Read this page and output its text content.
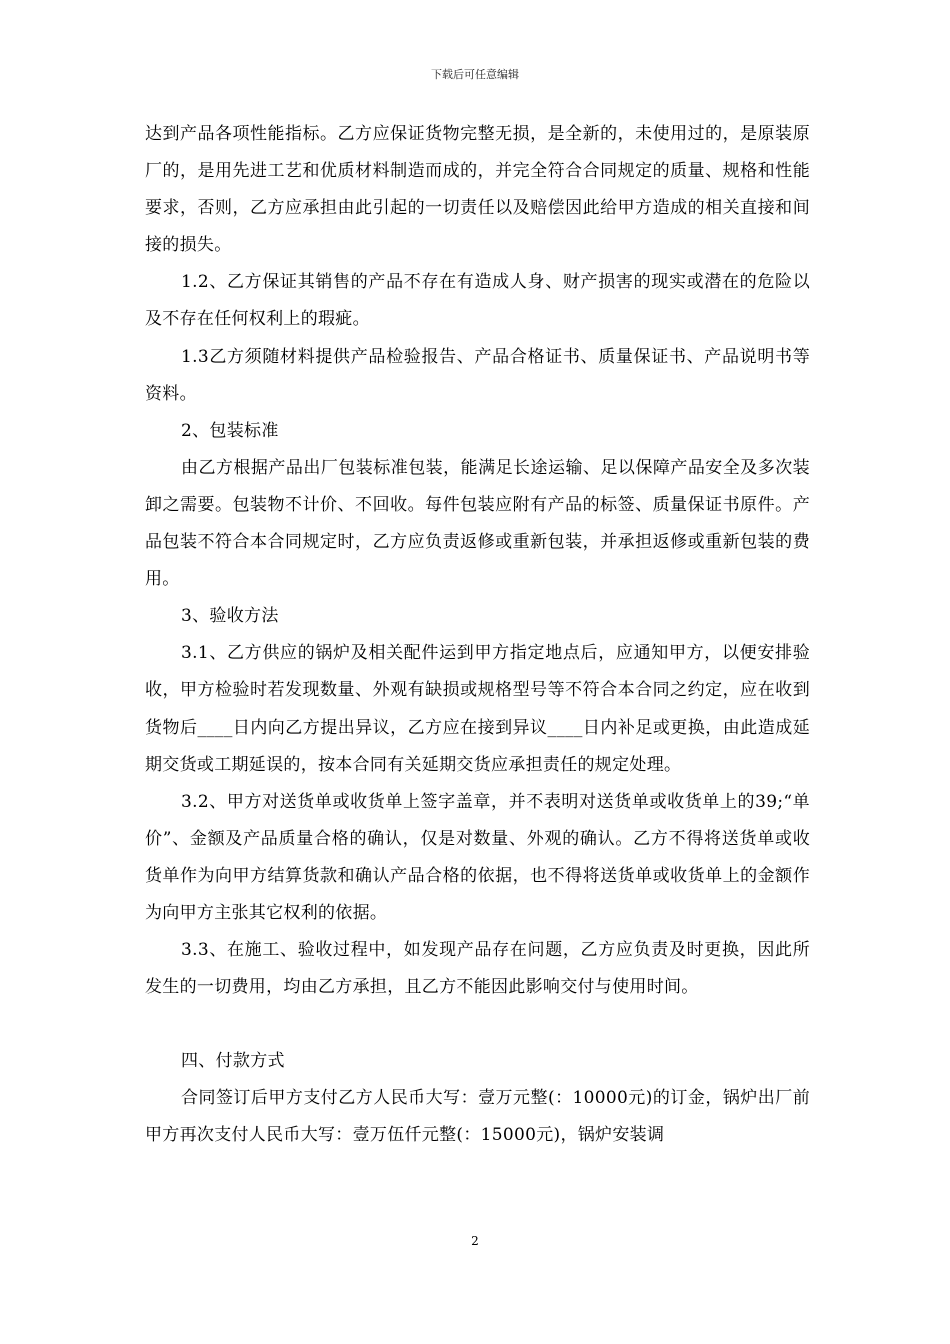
下载后可任意编辑

达到产品各项性能指标。乙方应保证货物完整无损，是全新的，未使用过的，是原装原厂的，是用先进工艺和优质材料制造而成的，并完全符合合同规定的质量、规格和性能要求，否则，乙方应承担由此引起的一切责任以及赔偿因此给甲方造成的相关直接和间接的损失。

1.2、乙方保证其销售的产品不存在有造成人身、财产损害的现实或潜在的危险以及不存在任何权利上的瑕疵。

1.3乙方须随材料提供产品检验报告、产品合格证书、质量保证书、产品说明书等资料。

2、包装标准

由乙方根据产品出厂包装标准包装，能满足长途运输、足以保障产品安全及多次装卸之需要。包装物不计价、不回收。每件包装应附有产品的标签、质量保证书原件。产品包装不符合本合同规定时，乙方应负责返修或重新包装，并承担返修或重新包装的费用。

3、验收方法

3.1、乙方供应的锅炉及相关配件运到甲方指定地点后，应通知甲方，以便安排验收，甲方检验时若发现数量、外观有缺损或规格型号等不符合本合同之约定，应在收到货物后____日内向乙方提出异议，乙方应在接到异议____日内补足或更换，由此造成延期交货或工期延误的，按本合同有关延期交货应承担责任的规定处理。

3.2、甲方对送货单或收货单上签字盖章，并不表明对送货单或收货单上的39;“单价”、金额及产品质量合格的确认，仅是对数量、外观的确认。乙方不得将送货单或收货单作为向甲方结算货款和确认产品合格的依据，也不得将送货单或收货单上的金额作为向甲方主张其它权利的依据。

3.3、在施工、验收过程中，如发现产品存在问题，乙方应负责及时更换，因此所发生的一切费用，均由乙方承担，且乙方不能因此影响交付与使用时间。

四、付款方式

合同签订后甲方支付乙方人民币大写：壹万元整(：10000元)的订金，锅炉出厂前甲方再次支付人民币大写：壹万伍仟元整(：15000元)，锅炉安装调

2
